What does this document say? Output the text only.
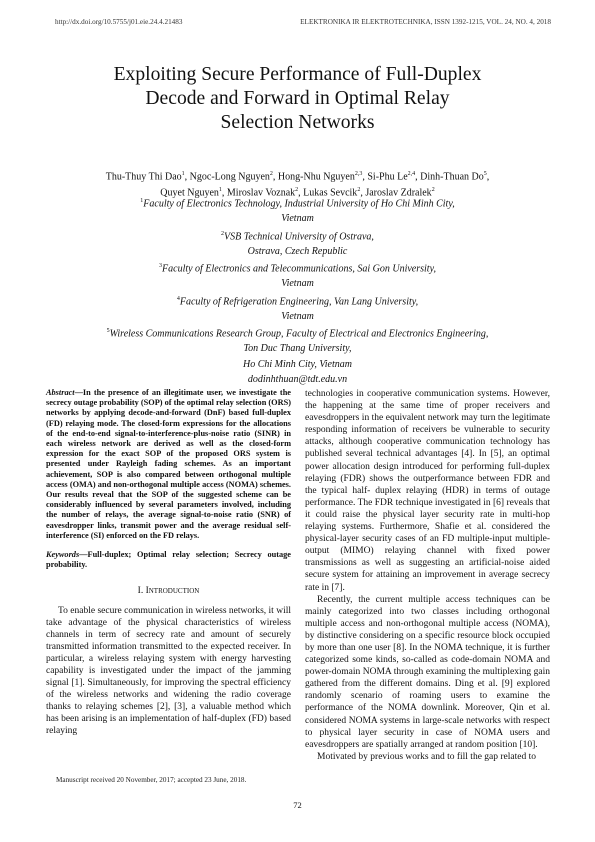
http://dx.doi.org/10.5755/j01.eie.24.4.21483	ELEKTRONIKA IR ELEKTROTECHNIKA, ISSN 1392-1215, VOL. 24, NO. 4, 2018
Exploiting Secure Performance of Full-Duplex
Decode and Forward in Optimal Relay
Selection Networks
Thu-Thuy Thi Dao$^1$, Ngoc-Long Nguyen$^2$, Hong-Nhu Nguyen$^{2,3}$, Si-Phu Le$^{2,4}$, Dinh-Thuan Do$^5$,
Quyet Nguyen$^1$, Miroslav Voznak$^2$, Lukas Sevcik$^2$, Jaroslav Zdralek$^2$
$^1$Faculty of Electronics Technology, Industrial University of Ho Chi Minh City,
Vietnam
$^2$VSB Technical University of Ostrava,
Ostrava, Czech Republic
$^3$Faculty of Electronics and Telecommunications, Sai Gon University,
Vietnam
$^4$Faculty of Refrigeration Engineering, Van Lang University,
Vietnam
$^5$Wireless Communications Research Group, Faculty of Electrical and Electronics Engineering,
Ton Duc Thang University,
Ho Chi Minh City, Vietnam
dodinhthuan@tdt.edu.vn
Abstract—In the presence of an illegitimate user, we investigate the secrecy outage probability (SOP) of the optimal relay selection (ORS) networks by applying decode-and-forward (DnF) based full-duplex (FD) relaying mode. The closed-form expressions for the allocations of the end-to-end signal-to-interference-plus-noise ratio (SINR) in each wireless network are derived as well as the closed-form expression for the exact SOP of the proposed ORS system is presented under Rayleigh fading schemes. As an important achievement, SOP is also compared between orthogonal multiple access (OMA) and non-orthogonal multiple access (NOMA) schemes. Our results reveal that the SOP of the suggested scheme can be considerably influenced by several parameters involved, including the number of relays, the average signal-to-noise ratio (SNR) of eavesdropper links, transmit power and the average residual self-interference (SI) enforced on the FD relays.
Keywords—Full-duplex; Optimal relay selection; Secrecy outage probability.
I. Introduction

To enable secure communication in wireless networks, it will take advantage of the physical characteristics of wireless channels in term of secrecy rate and amount of securely transmitted information transmitted to the expected receiver. In particular, a wireless relaying system with energy harvesting capability is investigated under the impact of the jamming signal [1]. Simultaneously, for improving the spectral efficiency of the wireless networks and widening the radio coverage thanks to relaying schemes [2], [3], a valuable method which has been arising is an implementation of half-duplex (FD) based relaying

technologies in cooperative communication systems. However, the happening at the same time of proper receivers and eavesdroppers in the equivalent network may turn the legitimate responding information of receivers be vulnerable to security attacks, although cooperative communication technology has published several technical advantages [4]. In [5], an optimal power allocation design introduced for performing full-duplex relaying (FDR) shows the outperformance between FDR and the typical half- duplex relaying (HDR) in terms of outage performance. The FDR technique investigated in [6] reveals that it could raise the physical layer security rate in multi-hop relaying systems. Furthermore, Shafie et al. considered the physical-layer security cases of an FD multiple-input multiple-output (MIMO) relaying channel with fixed power transmissions as well as suggesting an artificial-noise aided secure system for attaining an improvement in average secrecy rate in [7].

Recently, the current multiple access techniques can be mainly categorized into two classes including orthogonal multiple access and non-orthogonal multiple access (NOMA), by distinctive considering on a specific resource block occupied by more than one user [8]. In the NOMA technique, it is further categorized some kinds, so-called as code-domain NOMA and power-domain NOMA through examining the multiplexing gain gathered from the different domains. Ding et al. [9] explored randomly scenario of roaming users to examine the performance of the NOMA downlink. Moreover, Qin et al. considered NOMA systems in large-scale networks with respect to physical layer security in case of NOMA users and eavesdroppers are spatially arranged at random position [10].

Motivated by previous works and to fill the gap related to

Manuscript received 20 November, 2017; accepted 23 June, 2018.
72
